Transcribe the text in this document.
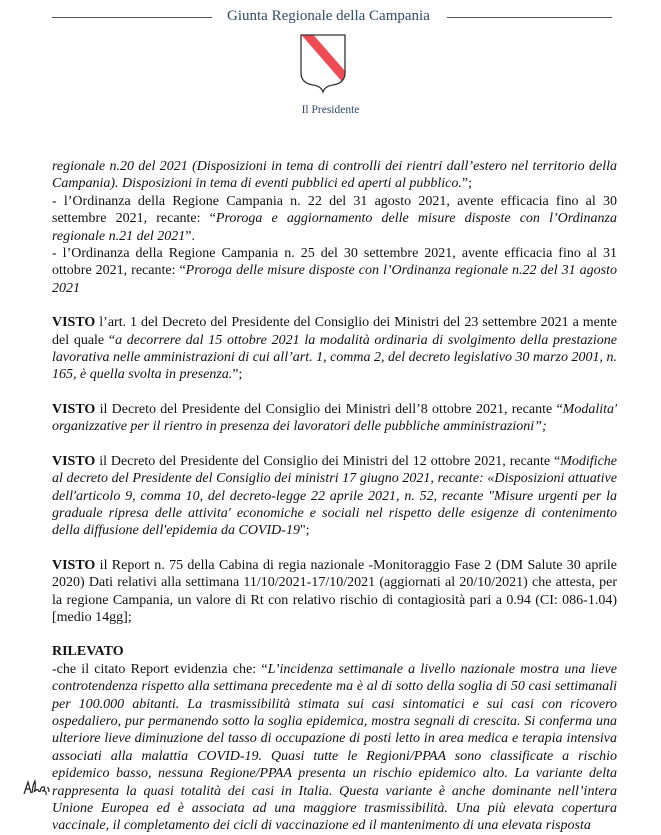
Giunta Regionale della Campania
Il Presidente

regionale n.20 del 2021 (Disposizioni in tema di controlli dei rientri dall’estero nel territorio della Campania). Disposizioni in tema di eventi pubblici ed aperti al pubblico.”;

- l’Ordinanza della Regione Campania n. 22 del 31 agosto 2021, avente efficacia fino al 30 settembre 2021, recante: “Proroga e aggiornamento delle misure disposte con l’Ordinanza regionale n.21 del 2021”.

- l’Ordinanza della Regione Campania n. 25 del 30 settembre 2021, avente efficacia fino al 31 ottobre 2021, recante: “Proroga delle misure disposte con l’Ordinanza regionale n.22 del 31 agosto 2021

VISTO l’art. 1 del Decreto del Presidente del Consiglio dei Ministri del 23 settembre 2021 a mente del quale “a decorrere dal 15 ottobre 2021 la modalità ordinaria di svolgimento della prestazione lavorativa nelle amministrazioni di cui all’art. 1, comma 2, del decreto legislativo 30 marzo 2001, n. 165, è quella svolta in presenza.”;

VISTO il Decreto del Presidente del Consiglio dei Ministri dell’8 ottobre 2021, recante “Modalita' organizzative per il rientro in presenza dei lavoratori delle pubbliche amministrazioni”;

VISTO il Decreto del Presidente del Consiglio dei Ministri del 12 ottobre 2021, recante “Modifiche al decreto del Presidente del Consiglio dei ministri 17 giugno 2021, recante: «Disposizioni attuative dell'articolo 9, comma 10, del decreto-legge 22 aprile 2021, n. 52, recante "Misure urgenti per la graduale ripresa delle attivita' economiche e sociali nel rispetto delle esigenze di contenimento della diffusione dell'epidemia da COVID-19";

VISTO il Report n. 75 della Cabina di regia nazionale -Monitoraggio Fase 2 (DM Salute 30 aprile 2020) Dati relativi alla settimana 11/10/2021-17/10/2021 (aggiornati al 20/10/2021) che attesta, per la regione Campania, un valore di Rt con relativo rischio di contagiosità pari a 0.94 (CI: 086-1.04) [medio 14gg];

RILEVATO

-che il citato Report evidenzia che: “L’incidenza settimanale a livello nazionale mostra una lieve controtendenza rispetto alla settimana precedente ma è al di sotto della soglia di 50 casi settimanali per 100.000 abitanti. La trasmissibilità stimata sui casi sintomatici e sui casi con ricovero ospedaliero, pur permanendo sotto la soglia epidemica, mostra segnali di crescita. Si conferma una ulteriore lieve diminuzione del tasso di occupazione di posti letto in area medica e terapia intensiva associati alla malattia COVID-19. Quasi tutte le Regioni/PPAA sono classificate a rischio epidemico basso, nessuna Regione/PPAA presenta un rischio epidemico alto. La variante delta rappresenta la quasi totalità dei casi in Italia. Questa variante è anche dominante nell’intera Unione Europea ed è associata ad una maggiore trasmissibilità. Una più elevata copertura vaccinale, il completamento dei cicli di vaccinazione ed il mantenimento di una elevata risposta
